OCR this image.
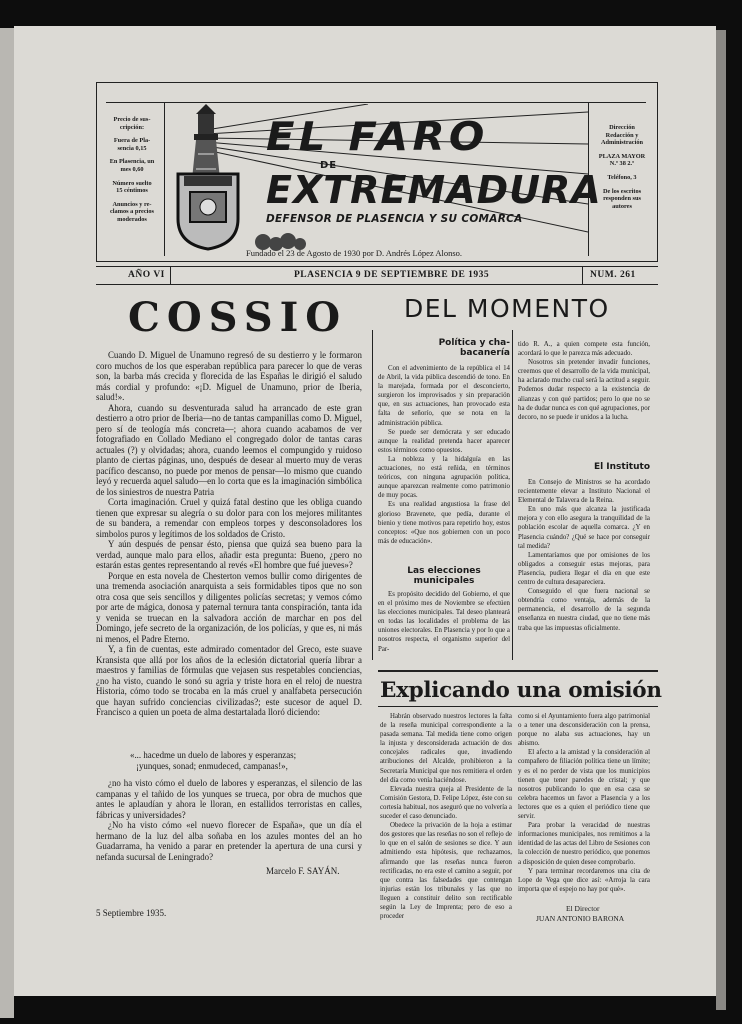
Precio de sus-
cripción:

Fuera de Pla-
sencia 0,15

En Plasencia, un
mes 0,60

Número suelto
15 céntimos

Anuncios y re-
clamos a precios
moderados

Dirección
Redacción y
Administración

PLAZA MAYOR
N.º 38 2.º

Teléfono, 3

De los escritos
responden sus
autores

EL FARO
DE
EXTREMADURA
DEFENSOR DE PLASENCIA Y SU COMARCA
Fundado el 23 de Agosto de 1930 por D. Andrés López Alonso.
AÑO VI	PLASENCIA 9 DE SEPTIEMBRE DE 1935	NUM. 261
COSSIO DEL MOMENTO

Cuando D. Miguel de Unamuno regresó de su destierro y le formaron coro muchos de los que esperaban república para parecer lo que de veras son, la barba más crecida y florecida de las Españas le dirigió el saludo más cordial y profundo: «¡D. Miguel de Unamuno, prior de Iberia, salud!».

Ahora, cuando su desventurada salud ha arrancado de este gran destierro a otro prior de Iberia—no de tantas campanillas como D. Miguel, pero sí de teología más concreta—; ahora cuando acabamos de ver fotografiado en Collado Mediano el congregado dolor de tantas caras actuales (?) y olvidadas; ahora, cuando leemos el compungido y ruidoso planto de ciertas páginas, uno, después de desear al muerto muy de veras pacífico descanso, no puede por menos de pensar—lo mismo que cuando leyó y recuerda aquel saludo—en lo corta que es la imaginación simbólica de los siniestros de nuestra Patria

Corta imaginación. Cruel y quizá fatal destino que les obliga cuando tienen que expresar su alegría o su dolor para con los mejores militantes de su bandera, a remendar con empleos torpes y desconsoladores los simbolos puros y legítimos de los soldados de Cristo.

Y aún después de pensar ésto, piensa que quizá sea bueno para la verdad, aunque malo para ellos, añadir esta pregunta: Bueno, ¿pero no estarán estas gentes representando al revés «El hombre que fué jueves»?

Porque en esta novela de Chesterton vemos bullir como dirigentes de una tremenda asociación anarquista a seis formidables tipos que no son otra cosa que seis sencillos y diligentes policías secretas; y vemos cómo por arte de mágica, donosa y paternal ternura tanta conspiración, tanta ida y venida se truecan en la salvadora acción de marchar en pos del Domingo, jefe secreto de la organización, de los policías, y que es, ni más ni menos, el Padre Eterno.

Y, a fin de cuentas, este admirado comentador del Greco, este suave Kransista que allá por los años de la eclesión dictatorial quería librar a maestros y familias de fórmulas que vejasen sus respetables conciencias, ¿no ha visto, cuando le sonó su agria y triste hora en el reloj de nuestra Historia, cómo todo se trocaba en la más cruel y analfabeta persecución que hayan sufrido conciencias civilizadas?; este sucesor de aquel D. Francisco a quien un poeta de alma destartalada lloró diciendo:

«... hacedme un duelo de labores y esperanzas;
¡yunques, sonad; enmudeced, campanas!»,

¿no ha visto cómo el duelo de labores y esperanzas, el silencio de las campanas y el tañido de los yunques se trueca, por obra de muchos que antes le aplaudían y ahora le lloran, en estallidos terroristas en calles, fábricas y universidades?

¿No ha visto cómo «el nuevo florecer de España», que un día el hermano de la luz del alba soñaba en los azules montes del an ho Guadarrama, ha venido a parar en pretender la apertura de una cursi y nefanda sucursal de Leningrado?

Marcelo F. SAYÁN.
5 Septiembre 1935.
Política y cha-
bacanería

Con el advenimiento de la república el 14 de Abril, la vida pública descendió de tono. En la marejada, formada por el desconcierto, surgieron los improvisados y sin preparación que, en sus actuaciones, han provocado esta falta de señorío, que se nota en la administración pública.

Se puede ser demócrata y ser educado aunque la realidad pretenda hacer aparecer estos términos como opuestos.

La nobleza y la hidalguía en las actuaciones, no está reñida, en términos teóricos, con ninguna agrupación política, aunque aparezcan realmente como patrimonio de muy pocas.

Es una realidad angustiosa la frase del glorioso Bravenete, que pedía, durante el bienio y tiene motivos para repetirlo hoy, estos conceptos: «Que nos gobiernen con un poco más de educación».

Las elecciones
municipales

Es propósito decidido del Gobierno, el que en el próximo mes de Noviembre se efectúen las elecciones municipales. Tal deseo planteará en todas las localidades el problema de las uniones electorales. En Plasencia y por lo que a nosotros respecta, el organismo superior del Par-

tido R. A., a quien compete esta función, acordará lo que le parezca más adecuado.

Nosotros sin pretender invadir funciones, creemos que el desarrollo de la vida municipal, ha aclarado mucho cual será la actitud a seguir. Podemos dudar respecto a la existencia de alianzas y con qué partidos; pero lo que no se ha de dudar nunca es con qué agrupaciones, por decoro, no se puede ir unidos a la lucha.

El Instituto

En Consejo de Ministros se ha acordado recientemente elevar a Instituto Nacional el Elemental de Talavera de la Reina.

En uno más que alcanza la justificada mejora y con ello asegura la tranquilidad de la población escolar de aquella comarca. ¿Y en Plasencia cuándo? ¿Qué se hace por conseguir tal medida?

Lamentaríamos que por omisiones de los obligados a conseguir estas mejoras, para Plasencia, pudiera llegar el día en que este centro de cultura desapareciera.

Conseguido el que fuera nacional se obtendría como ventaja, además de la permanencia, el desarrollo de la segunda enseñanza en nuestra ciudad, que no tiene más traba que las impuestas oficialmente.

Explicando una omisión

Habrán observado nuestros lectores la falta de la reseña municipal correspondiente a la pasada semana. Tal medida tiene como origen la injusta y desconsiderada actuación de dos concejales radicales que, invadiendo atribuciones del Alcalde, prohibieron a la Secretaría Municipal que nos remitiera el orden del día como venía haciéndose.

Elevada nuestra queja al Presidente de la Comisión Gestora, D. Felipe López, éste con su cortesía habitual, nos aseguró que no volvería a suceder el caso denunciado.

Obedece la privación de la hoja a estimar dos gestores que las reseñas no son el reflejo de lo que en el salón de sesiones se dice. Y aun admitiendo esta hipótesis, que rechazamos, afirmando que las reseñas nunca fueron rectificadas, no era este el camino a seguir, por que contra las falsedades que contengan injurias están los tribunales y las que no lleguen a constituir delito son rectificable según la Ley de Imprenta; pero de eso a proceder

como si el Ayuntamiento fuera algo patrimonial o a tener una desconsideración con la prensa, porque no alaba sus actuaciones, hay un abismo.

El afecto a la amistad y la consideración al compañero de filiación política tiene un límite; y es el no perder de vista que los municipios tienen que tener paredes de cristal; y que nosotros publicando lo que en esa casa se celebra hacemos un favor a Plasencia y a los lectores que es a quien el periódico tiene que servir.

Para probar la veracidad de nuestras informaciones municipales, nos remitimos a la identidad de las actas del Libro de Sesiones con la colección de nuestro periódico, que ponemos a disposición de quien desee comprobarlo.

Y para terminar recordaremos una cita de Lope de Vega que dice así: «Arroja la cara importa que el espejo no hay por qué».

El Director
JUAN ANTONIO BARONA
